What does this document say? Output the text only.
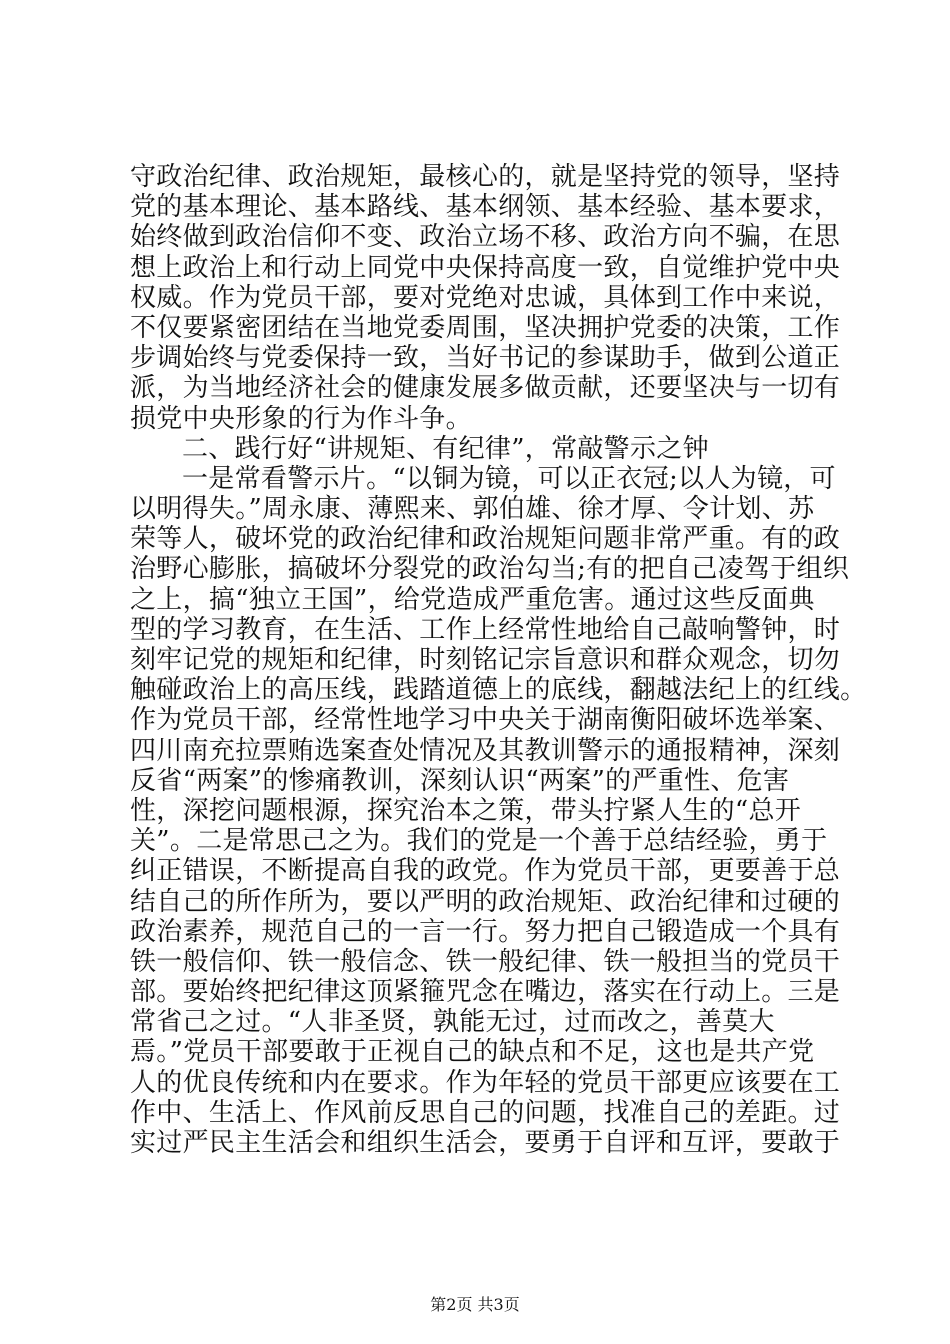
守政治纪律、政治规矩，最核心的，就是坚持党的领导，坚持
党的基本理论、基本路线、基本纲领、基本经验、基本要求，
始终做到政治信仰不变、政治立场不移、政治方向不骗，在思
想上政治上和行动上同党中央保持高度一致，自觉维护党中央
权威。作为党员干部，要对党绝对忠诚，具体到工作中来说，
不仅要紧密团结在当地党委周围，坚决拥护党委的决策，工作
步调始终与党委保持一致，当好书记的参谋助手，做到公道正
派，为当地经济社会的健康发展多做贡献，还要坚决与一切有
损党中央形象的行为作斗争。
二、践行好“讲规矩、有纪律”，常敲警示之钟
一是常看警示片。“以铜为镜，可以正衣冠;以人为镜，可
以明得失。”周永康、薄熙来、郭伯雄、徐才厚、令计划、苏
荣等人，破坏党的政治纪律和政治规矩问题非常严重。有的政
治野心膨胀，搞破坏分裂党的政治勾当;有的把自己凌驾于组织
之上，搞“独立王国”，给党造成严重危害。通过这些反面典
型的学习教育，在生活、工作上经常性地给自己敲响警钟，时
刻牢记党的规矩和纪律，时刻铭记宗旨意识和群众观念，切勿
触碰政治上的高压线，践踏道德上的底线，翻越法纪上的红线。
作为党员干部，经常性地学习中央关于湖南衡阳破坏选举案、
四川南充拉票贿选案查处情况及其教训警示的通报精神，深刻
反省“两案”的惨痛教训，深刻认识“两案”的严重性、危害
性，深挖问题根源，探究治本之策，带头拧紧人生的“总开
关”。二是常思己之为。我们的党是一个善于总结经验，勇于
纠正错误，不断提高自我的政党。作为党员干部，更要善于总
结自己的所作所为，要以严明的政治规矩、政治纪律和过硬的
政治素养，规范自己的一言一行。努力把自己锻造成一个具有
铁一般信仰、铁一般信念、铁一般纪律、铁一般担当的党员干
部。要始终把纪律这顶紧箍咒念在嘴边，落实在行动上。三是
常省己之过。“人非圣贤，孰能无过，过而改之，善莫大
焉。”党员干部要敢于正视自己的缺点和不足，这也是共产党
人的优良传统和内在要求。作为年轻的党员干部更应该要在工
作中、生活上、作风前反思自己的问题，找准自己的差距。过
实过严民主生活会和组织生活会，要勇于自评和互评，要敢于
第2页 共3页
